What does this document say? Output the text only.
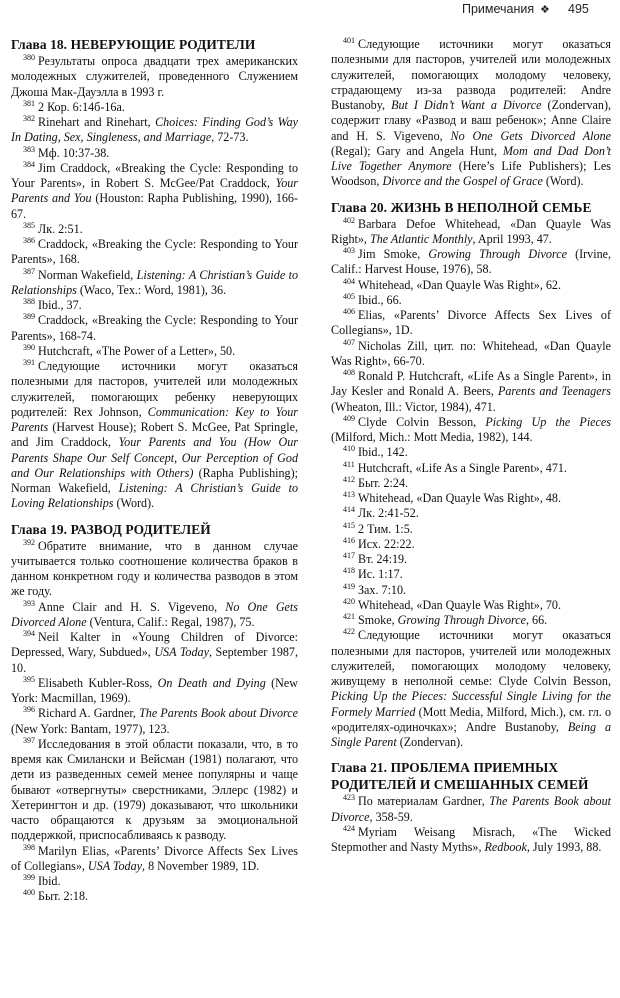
Примечания ❖ 495
Глава 18. НЕВЕРУЮЩИЕ РОДИТЕЛИ

$^{380}$ Результаты опроса двадцати трех американских молодежных служителей, проведенного Служением Джоша Мак-Дауэлла в 1993 г.

$^{381}$ 2 Кор. 6:14б-16а.

$^{382}$ Rinehart and Rinehart, Choices: Finding God’s Way In Dating, Sex, Singleness, and Marriage, 72-73.

$^{383}$ Мф. 10:37-38.

$^{384}$ Jim Craddock, «Breaking the Cycle: Responding to Your Parents», in Robert S. McGee/Pat Craddock, Your Parents and You (Houston: Rapha Publishing, 1990), 166-67.

$^{385}$ Лк. 2:51.

$^{386}$ Craddock, «Breaking the Cycle: Responding to Your Parents», 168.

$^{387}$ Norman Wakefield, Listening: A Christian’s Guide to Relationships (Waco, Tex.: Word, 1981), 36.

$^{388}$ Ibid., 37.

$^{389}$ Craddock, «Breaking the Cycle: Responding to Your Parents», 168-74.

$^{390}$ Hutchcraft, «The Power of a Letter», 50.

$^{391}$ Следующие источники могут оказаться полезными для пасторов, учителей или молодежных служителей, помогающих ребенку неверующих родителей: Rex Johnson, Communication: Key to Your Parents (Harvest House); Robert S. McGee, Pat Springle, and Jim Craddock, Your Parents and You (How Our Parents Shape Our Self Concept, Our Perception of God and Our Relationships with Others) (Rapha Publishing); Norman Wakefield, Listening: A Christian’s Guide to Loving Relationships (Word).

Глава 19. РАЗВОД РОДИТЕЛЕЙ

$^{392}$ Обратите внимание, что в данном случае учитывается только соотношение количества браков в данном конкретном году и количества разводов в этом же году.

$^{393}$ Anne Clair and H. S. Vigeveno, No One Gets Divorced Alone (Ventura, Calif.: Regal, 1987), 75.

$^{394}$ Neil Kalter in «Young Children of Divorce: Depressed, Wary, Subdued», USA Today, September 1987, 10.

$^{395}$ Elisabeth Kubler-Ross, On Death and Dying (New York: Macmillan, 1969).

$^{396}$ Richard A. Gardner, The Parents Book about Divorce (New York: Bantam, 1977), 123.

$^{397}$ Исследования в этой области показали, что, в то время как Смилански и Вейсман (1981) полагают, что дети из разведенных семей менее популярны и чаще бывают «отвергнуты» сверстниками, Эллерс (1982) и Хетерингтон и др. (1979) доказывают, что школьники часто обращаются к друзьям за эмоциональной поддержкой, приспосабливаясь к разводу.

$^{398}$ Marilyn Elias, «Parents’ Divorce Affects Sex Lives of Collegians», USA Today, 8 November 1989, 1D.

$^{399}$ Ibid.

$^{400}$ Быт. 2:18.

$^{401}$ Следующие источники могут оказаться полезными для пасторов, учителей или молодежных служителей, помогающих молодому человеку, страдающему из-за развода родителей: Andre Bustanoby, But I Didn’t Want a Divorce (Zondervan), содержит главу «Развод и ваш ребенок»; Anne Claire and H. S. Vigeveno, No One Gets Divorced Alone (Regal); Gary and Angela Hunt, Mom and Dad Don’t Live Together Anymore (Here’s Life Publishers); Les Woodson, Divorce and the Gospel of Grace (Word).

Глава 20. ЖИЗНЬ В НЕПОЛНОЙ СЕМЬЕ

$^{402}$ Barbara Defoe Whitehead, «Dan Quayle Was Right», The Atlantic Monthly, April 1993, 47.

$^{403}$ Jim Smoke, Growing Through Divorce (Irvine, Calif.: Harvest House, 1976), 58.

$^{404}$ Whitehead, «Dan Quayle Was Right», 62.

$^{405}$ Ibid., 66.

$^{406}$ Elias, «Parents’ Divorce Affects Sex Lives of Collegians», 1D.

$^{407}$ Nicholas Zill, цит. по: Whitehead, «Dan Quayle Was Right», 66-70.

$^{408}$ Ronald P. Hutchcraft, «Life As a Single Parent», in Jay Kesler and Ronald A. Beers, Parents and Teenagers (Wheaton, Ill.: Victor, 1984), 471.

$^{409}$ Clyde Colvin Besson, Picking Up the Pieces (Milford, Mich.: Mott Media, 1982), 144.

$^{410}$ Ibid., 142.

$^{411}$ Hutchcraft, «Life As a Single Parent», 471.

$^{412}$ Быт. 2:24.

$^{413}$ Whitehead, «Dan Quayle Was Right», 48.

$^{414}$ Лк. 2:41-52.

$^{415}$ 2 Тим. 1:5.

$^{416}$ Исх. 22:22.

$^{417}$ Вт. 24:19.

$^{418}$ Ис. 1:17.

$^{419}$ Зах. 7:10.

$^{420}$ Whitehead, «Dan Quayle Was Right», 70.

$^{421}$ Smoke, Growing Through Divorce, 66.

$^{422}$ Следующие источники могут оказаться полезными для пасторов, учителей или молодежных служителей, помогающих молодому человеку, живущему в неполной семье: Clyde Colvin Besson, Picking Up the Pieces: Successful Single Living for the Formely Married (Mott Media, Milford, Mich.), см. гл. о «родителях-одиночках»; Andre Bustanoby, Being a Single Parent (Zondervan).

Глава 21. ПРОБЛЕМА ПРИЕМНЫХ РОДИТЕЛЕЙ И СМЕШАННЫХ СЕМЕЙ

$^{423}$ По материалам Gardner, The Parents Book about Divorce, 358-59.

$^{424}$ Myriam Weisang Misrach, «The Wicked Stepmother and Nasty Myths», Redbook, July 1993, 88.
